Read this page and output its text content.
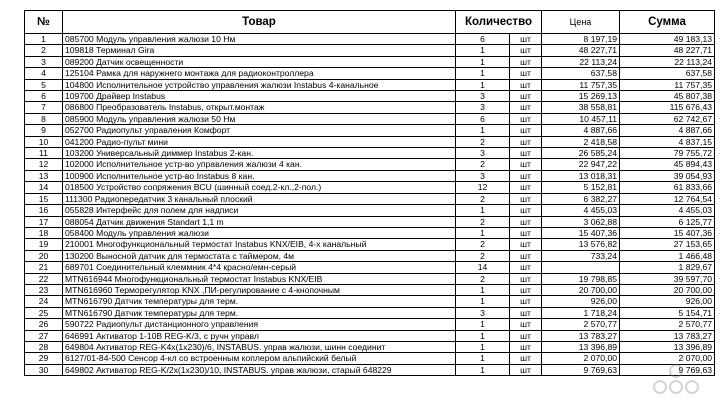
№	Товар	Количество		Цена	Сумма
1	085700 Модуль управления жалюзи 10 Нм	6	шт	8 197,19	49 183,13
2	109818 Терминал Gira	1	шт	48 227,71	48 227,71
3	089200 Датчик освещенности	1	шт	22 113,24	22 113,24
4	125104 Рамка для наружнего монтажа для радиоконтроллера	1	шт	637,58	637,58
5	104800 Исполнительное устройство управления жалюзи Instabus 4-канальное	1	шт	11 757,35	11 757,35
6	109700 Драйвер Instabus	3	шт	15 269,13	45 807,38
7	086800 Преобразователь Instabus, открыт.монтаж	3	шт	38 558,81	115 676,43
8	085900 Модуль управления жалюзи 50 Нм	6	шт	10 457,11	62 742,67
9	052700 Радиопульт управления Комфорт	1	шт	4 887,66	4 887,66
10	041200 Радио-пульт мини	2	шт	2 418,58	4 837,15
11	103200 Универсальный диммер Instabus 2-кан.	3	шт	26 585,24	79 755,72
12	102000 Исполнительное устр-во управления жалюзи 4 кан.	2	шт	22 947,22	45 894,43
13	100900 Исполнительное устр-во Instabus 8 кан.	3	шт	13 018,31	39 054,93
14	018500 Устройство сопряжения BCU (шинный соед.2-кл.,2-пол.)	12	шт	5 152,81	61 833,66
15	111300 Радиопередатчик 3 канальный плоский	2	шт	6 382,27	12 764,54
16	055828 Интерфейс для полем для надписи	1	шт	4 455,03	4 455,03
17	088054 Датчик движения Standart 1,1 m	2	шт	3 062,88	6 125,77
18	058400 Модуль управления жалюзи	1	шт	15 407,36	15 407,36
19	210001 Многофункциональный термостат Instabus KNX/EIB, 4-х канальный	2	шт	13 576,82	27 153,65
20	130200 Выносной датчик для термостата с таймером, 4м	2	шт	733,24	1 466,48
21	689701 Соединительный клеммник 4*4 красно/емн-серый	14	шт		1 829,67
22	MTN616944 Многофункциональный термостат Instabus KNX/EIB	2	шт	19 798,85	39 597,70
23	MTN616960 Терморегулятор KNX ,ПИ-регулирование с 4-кнопочным	1	шт	20 700,00	20 700,00
24	MTN616790 Датчик температуры для терм.	1	шт	926,00	926,00
25	MTN616790 Датчик температуры для терм.	3	шт	1 718,24	5 154,71
26	590722 Радиопульт дистанционного управления	1	шт	2 570,77	2 570,77
27	646991 Активатор 1-10В REG-K/3, с ручн управл	1	шт	13 783,27	13 783,27
28	649804 Активатор REG-K4x(1x230)/6, INSTABUS. управ жалюзи, шинн соединит	1	шт	13 396,89	13 396,89
29	6127/01-84-500 Сенсор 4-кл со встроенным коплером альпийский белый	1	шт	2 070,00	2 070,00
30	649802 Активатор REG-K/2x(1x230)/10, INSTABUS. управ жалюзи, старый 648229	1	шт	9 769,63	9 769,63
